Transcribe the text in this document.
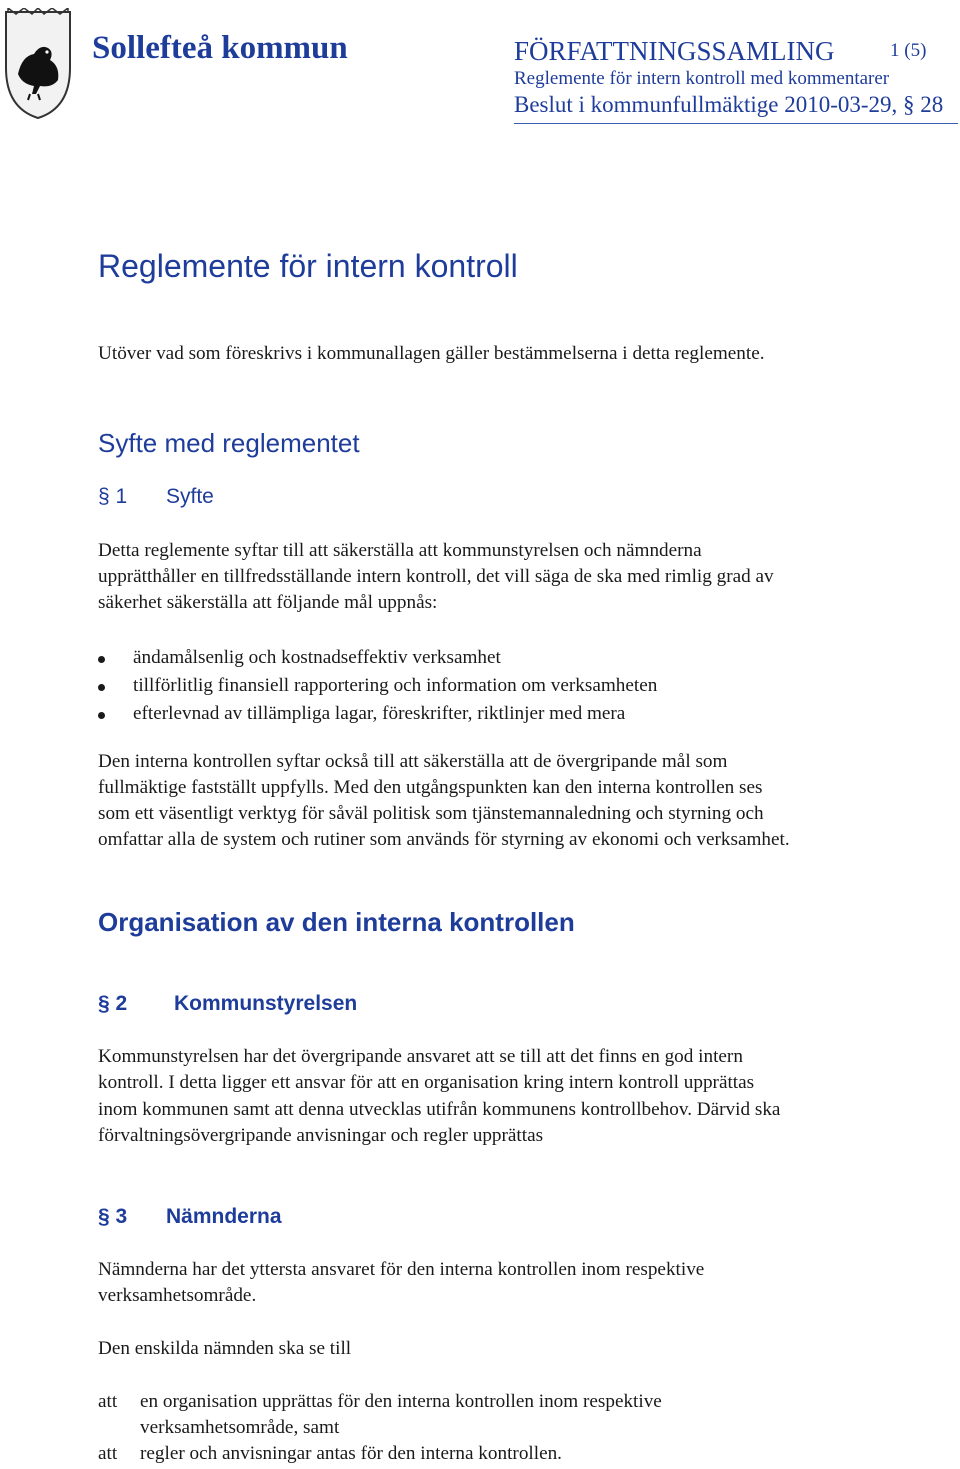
Sollefteå kommun	FÖRFATTNINGSSAMLING	1 (5)
Reglemente för intern kontroll med kommentarer
Beslut i kommunfullmäktige 2010-03-29, § 28
Reglemente för intern kontroll
Utöver vad som föreskrivs i kommunallagen gäller bestämmelserna i detta reglemente.
Syfte med reglementet
§ 1 Syfte
Detta reglemente syftar till att säkerställa att kommunstyrelsen och nämnderna
upprätthåller en tillfredsställande intern kontroll, det vill säga de ska med rimlig grad av
säkerhet säkerställa att följande mål uppnås:
ändamålsenlig och kostnadseffektiv verksamhet
tillförlitlig finansiell rapportering och information om verksamheten
efterlevnad av tillämpliga lagar, föreskrifter, riktlinjer med mera
Den interna kontrollen syftar också till att säkerställa att de övergripande mål som
fullmäktige fastställt uppfylls. Med den utgångspunkten kan den interna kontrollen ses
som ett väsentligt verktyg för såväl politisk som tjänstemannaledning och styrning och
omfattar alla de system och rutiner som används för styrning av ekonomi och verksamhet.
Organisation av den interna kontrollen
§ 2 Kommunstyrelsen
Kommunstyrelsen har det övergripande ansvaret att se till att det finns en god intern
kontroll. I detta ligger ett ansvar för att en organisation kring intern kontroll upprättas
inom kommunen samt att denna utvecklas utifrån kommunens kontrollbehov. Därvid ska
förvaltningsövergripande anvisningar och regler upprättas
§ 3 Nämnderna
Nämnderna har det yttersta ansvaret för den interna kontrollen inom respektive
verksamhetsområde.
Den enskilda nämnden ska se till
att en organisation upprättas för den interna kontrollen inom respektive
verksamhetsområde, samt
att regler och anvisningar antas för den interna kontrollen.
